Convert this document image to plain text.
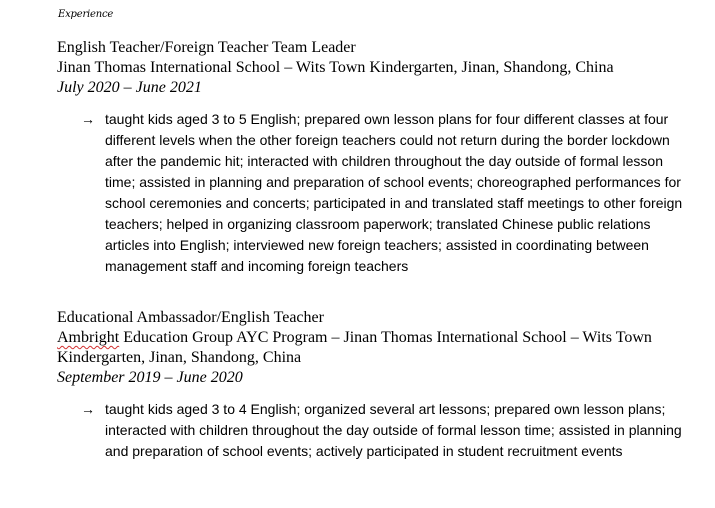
Experience
English Teacher/Foreign Teacher Team Leader
Jinan Thomas International School – Wits Town Kindergarten, Jinan, Shandong, China
July 2020 – June 2021
→ taught kids aged 3 to 5 English; prepared own lesson plans for four different classes at four different levels when the other foreign teachers could not return during the border lockdown after the pandemic hit; interacted with children throughout the day outside of formal lesson time; assisted in planning and preparation of school events; choreographed performances for school ceremonies and concerts; participated in and translated staff meetings to other foreign teachers; helped in organizing classroom paperwork; translated Chinese public relations articles into English; interviewed new foreign teachers; assisted in coordinating between management staff and incoming foreign teachers
Educational Ambassador/English Teacher
Ambright Education Group AYC Program – Jinan Thomas International School – Wits Town Kindergarten, Jinan, Shandong, China
September 2019 – June 2020
→ taught kids aged 3 to 4 English; organized several art lessons; prepared own lesson plans; interacted with children throughout the day outside of formal lesson time; assisted in planning and preparation of school events; actively participated in student recruitment events
